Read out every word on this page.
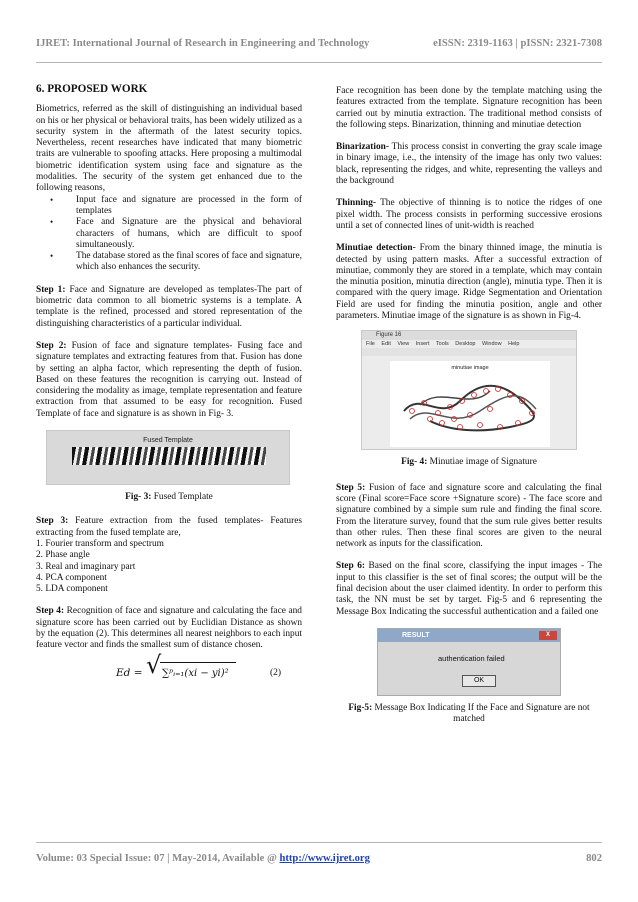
IJRET: International Journal of Research in Engineering and Technology	eISSN: 2319-1163 | pISSN: 2321-7308
6. PROPOSED WORK

Biometrics, referred as the skill of distinguishing an individual based on his or her physical or behavioral traits, has been widely utilized as a security system in the aftermath of the latest security topics. Nevertheless, recent researches have indicated that many biometric traits are vulnerable to spoofing attacks. Here proposing a multimodal biometric identification system using face and signature as the modalities. The security of the system get enhanced due to the following reasons,

• Input face and signature are processed in the form of templates
• Face and Signature are the physical and behavioral characters of humans, which are difficult to spoof simultaneously.
• The database stored as the final scores of face and signature, which also enhances the security.

Step 1: Face and Signature are developed as templates-The part of biometric data common to all biometric systems is a template. A template is the refined, processed and stored representation of the distinguishing characteristics of a particular individual.

Step 2: Fusion of face and signature templates- Fusing face and signature templates and extracting features from that. Fusion has done by setting an alpha factor, which representing the depth of fusion. Based on these features the recognition is carrying out. Instead of considering the modality as image, template representation and feature extraction from that assumed to be easy for recognition. Fused Template of face and signature is as shown in Fig- 3.

Fused Template
Fig- 3: Fused Template

Step 3: Feature extraction from the fused templates- Features extracting from the fused template are,

1. Fourier transform and spectrum
2. Phase angle
3. Real and imaginary part
4. PCA component
5. LDA component

Step 4: Recognition of face and signature and calculating the face and signature score has been carried out by Euclidian Distance as shown by the equation (2). This determines all nearest neighbors to each input feature vector and finds the smallest sum of distance chosen.

Ed = √ ∑ᵖᵢ₌₁(xi − yi)²	(2)

Face recognition has been done by the template matching using the features extracted from the template. Signature recognition has been carried out by minutia extraction. The traditional method consists of the following steps. Binarization, thinning and minutiae detection

Binarization- This process consist in converting the gray scale image in binary image, i.e., the intensity of the image has only two values: black, representing the ridges, and white, representing the valleys and the background

Thinning- The objective of thinning is to notice the ridges of one pixel width. The process consists in performing successive erosions until a set of connected lines of unit-width is reached

Minutiae detection- From the binary thinned image, the minutia is detected by using pattern masks. After a successful extraction of minutiae, commonly they are stored in a template, which may contain the minutia position, minutia direction (angle), minutia type. Then it is compared with the query image. Ridge Segmentation and Orientation Field are used for finding the minutia position, angle and other parameters. Minutiae image of the signature is as shown in Fig-4.

Figure 16
File Edit View Insert Tools Desktop Window Help
minutiae image
Fig- 4: Minutiae image of Signature

Step 5: Fusion of face and signature score and calculating the final score (Final score=Face score +Signature score) - The face score and signature combined by a simple sum rule and finding the final score. From the literature survey, found that the sum rule gives better results than other rules. Then these final scores are given to the neural network as inputs for the classification.

Step 6: Based on the final score, classifying the input images - The input to this classifier is the set of final scores; the output will be the final decision about the user claimed identity. In order to perform this task, the NN must be set by target. Fig-5 and 6 representing the Message Box Indicating the successful authentication and a failed one

RESULT	X
authentication failed
OK
Fig-5: Message Box Indicating If the Face and Signature are not matched
Volume: 03 Special Issue: 07 | May-2014, Available @ http://www.ijret.org	802
